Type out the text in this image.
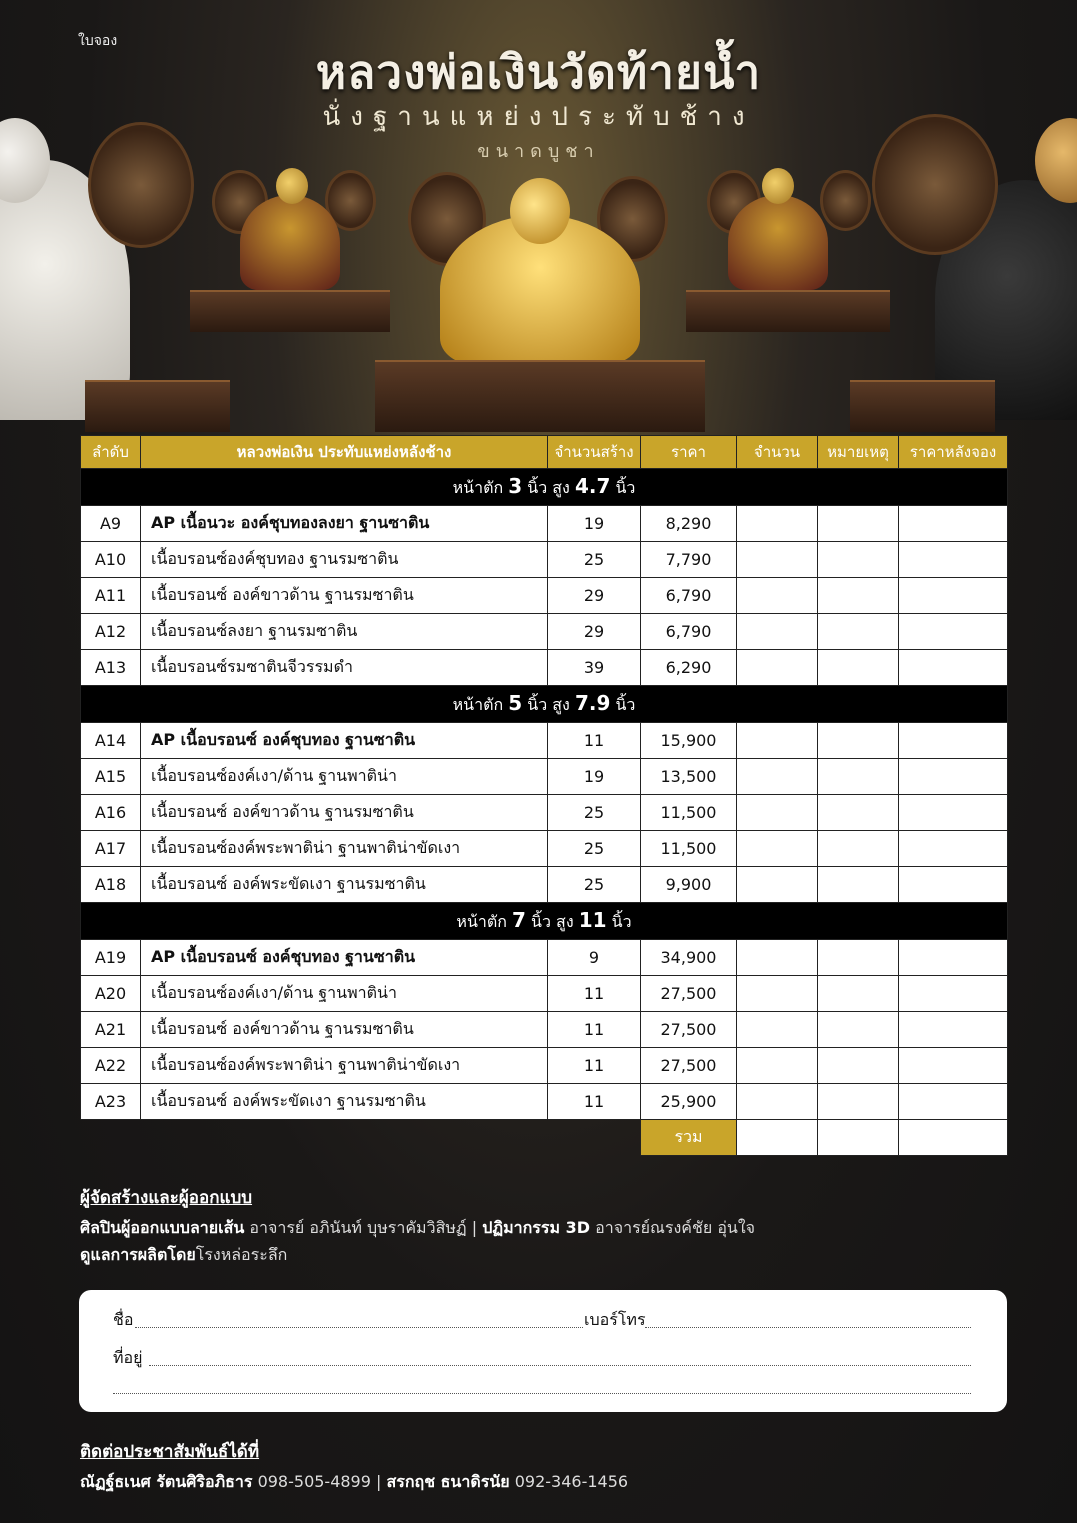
ใบจอง
หลวงพ่อเงินวัดท้ายน้ำ
นั่งฐานแหย่งประทับช้าง
ขนาดบูชา
ลำดับ	หลวงพ่อเงิน ประทับแหย่งหลังช้าง	จำนวนสร้าง	ราคา	จำนวน	หมายเหตุ	ราคาหลังจอง
หน้าตัก 3 นิ้ว สูง 4.7 นิ้ว						
A9	AP เนื้อนวะ องค์ชุบทองลงยา ฐานซาติน	19	8,290			
A10	เนื้อบรอนซ์องค์ชุบทอง ฐานรมซาติน	25	7,790			
A11	เนื้อบรอนซ์ องค์ขาวด้าน ฐานรมซาติน	29	6,790			
A12	เนื้อบรอนซ์ลงยา ฐานรมซาติน	29	6,790			
A13	เนื้อบรอนซ์รมซาตินจีวรรมดำ	39	6,290			
หน้าตัก 5 นิ้ว สูง 7.9 นิ้ว						
A14	AP เนื้อบรอนซ์ องค์ชุบทอง ฐานซาติน	11	15,900			
A15	เนื้อบรอนซ์องค์เงา/ด้าน ฐานพาติน่า	19	13,500			
A16	เนื้อบรอนซ์ องค์ขาวด้าน ฐานรมซาติน	25	11,500			
A17	เนื้อบรอนซ์องค์พระพาติน่า ฐานพาติน่าขัดเงา	25	11,500			
A18	เนื้อบรอนซ์ องค์พระขัดเงา ฐานรมซาติน	25	9,900			
หน้าตัก 7 นิ้ว สูง 11 นิ้ว						
A19	AP เนื้อบรอนซ์ องค์ชุบทอง ฐานซาติน	9	34,900			
A20	เนื้อบรอนซ์องค์เงา/ด้าน ฐานพาติน่า	11	27,500			
A21	เนื้อบรอนซ์ องค์ขาวด้าน ฐานรมซาติน	11	27,500			
A22	เนื้อบรอนซ์องค์พระพาติน่า ฐานพาติน่าขัดเงา	11	27,500			
A23	เนื้อบรอนซ์ องค์พระขัดเงา ฐานรมซาติน	11	25,900			
			รวม			
ผู้จัดสร้างและผู้ออกแบบ
ศิลปินผู้ออกแบบลายเส้น อาจารย์ อภินันท์ บุษราคัมวิสิษฏ์ | ปฏิมากรรม 3D อาจารย์ณรงค์ชัย อุ่นใจ
ดูแลการผลิตโดยโรงหล่อระลึก
ชื่อ	เบอร์โทร
ที่อยู่
ติดต่อประชาสัมพันธ์ได้ที่
ณัฏฐ์ธเนศ รัตนศิริอภิธาร 098-505-4899 | สรกฤช ธนาดิรนัย 092-346-1456
